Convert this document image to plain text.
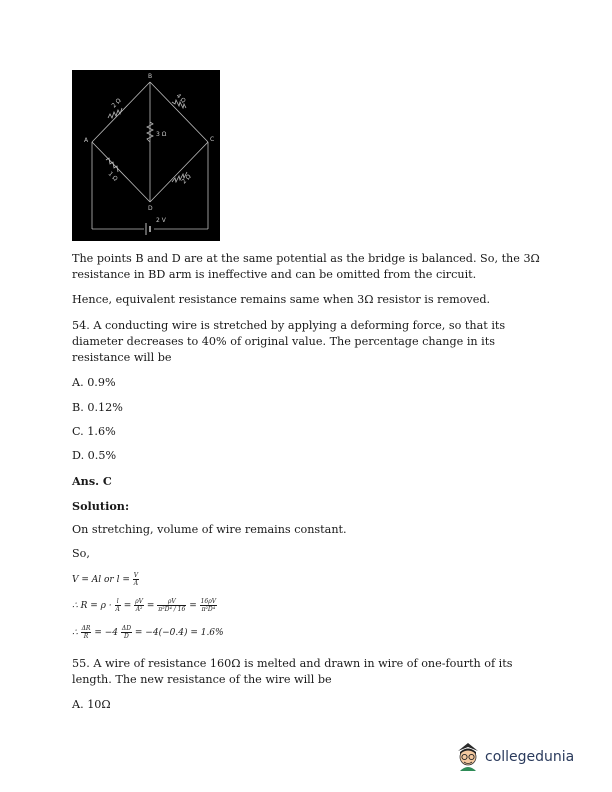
B
A	C
D
2 Ω	4 Ω
3 Ω
1 Ω	2 Ω
2 V

The points B and D are at the same potential as the bridge is balanced. So, the 3Ω resistance in BD arm is ineffective and can be omitted from the circuit.

Hence, equivalent resistance remains same when 3Ω resistor is removed.

54. A conducting wire is stretched by applying a deforming force, so that its diameter decreases to 40% of original value. The percentage change in its resistance will be

A. 0.9%

B. 0.12%

C. 1.6%

D. 0.5%

Ans. C

Solution:

On stretching, volume of wire remains constant.

So,

V = Al or $l = \frac{V}{A}$
∴ $R = \rho \cdot \frac{l}{A} = \frac{\rho V}{\text{A²}} = \frac{\rho V}{\text{π²D⁴ / 16}} = \frac{16\rho V}{\text{π²D⁴}}$
∴ $\frac{\Delta R}{R} = -4 \frac{\Delta D}{D} = -4(-0.4) = 1.6\%$

55. A wire of resistance 160Ω is melted and drawn in wire of one-fourth of its length. The new resistance of the wire will be

A. 10Ω

collegedunia
